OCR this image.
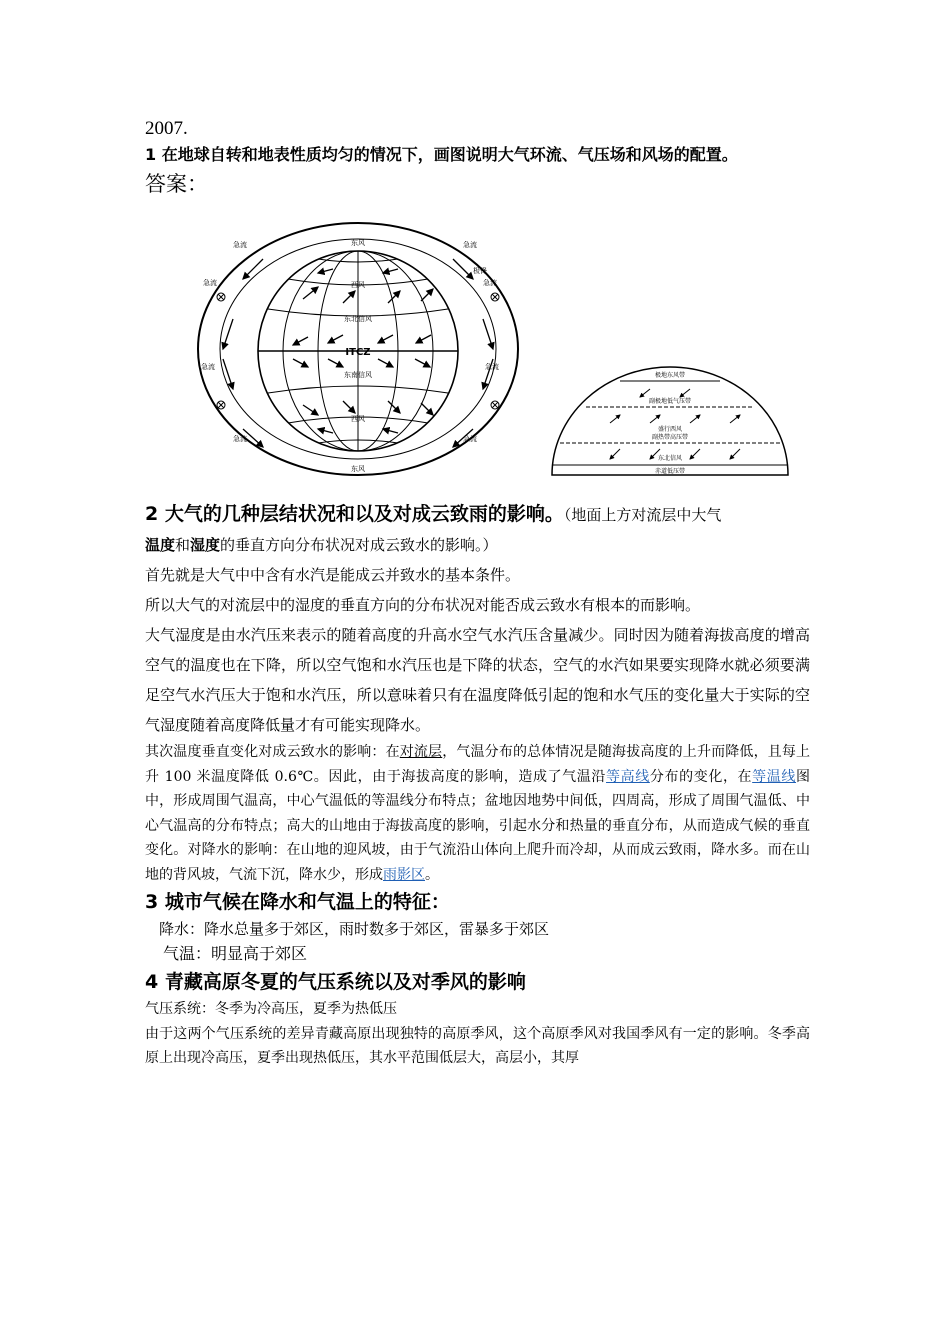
2007.

1 在地球自转和地表性质均匀的情况下，画图说明大气环流、气压场和风场的配置。

答案：

东风
东风
西风
西风
东北信风
东南信风
ITCZ
急流	急流
极锋
急流	急流
急流	急流
急流	急流
极地东风带
副极地低气压带
盛行西风
副热带高压带
东北信风
赤道低压带

2 大气的几种层结状况和以及对成云致雨的影响。（地面上方对流层中大气

温度和湿度的垂直方向分布状况对成云致水的影响。）

首先就是大气中中含有水汽是能成云并致水的基本条件。

所以大气的对流层中的湿度的垂直方向的分布状况对能否成云致水有根本的而影响。

大气湿度是由水汽压来表示的随着高度的升高水空气水汽压含量减少。同时因为随着海拔高度的增高空气的温度也在下降，所以空气饱和水汽压也是下降的状态，空气的水汽如果要实现降水就必须要满足空气水汽压大于饱和水汽压，所以意味着只有在温度降低引起的饱和水气压的变化量大于实际的空气湿度随着高度降低量才有可能实现降水。

其次温度垂直变化对成云致水的影响：在对流层，气温分布的总体情况是随海拔高度的上升而降低，且每上升 100 米温度降低 0.6℃。因此，由于海拔高度的影响，造成了气温沿等高线分布的变化，在等温线图中，形成周围气温高，中心气温低的等温线分布特点；盆地因地势中间低，四周高，形成了周围气温低、中心气温高的分布特点；高大的山地由于海拔高度的影响，引起水分和热量的垂直分布，从而造成气候的垂直变化。对降水的影响：在山地的迎风坡，由于气流沿山体向上爬升而冷却，从而成云致雨，降水多。而在山地的背风坡，气流下沉，降水少，形成雨影区。

3 城市气候在降水和气温上的特征：

降水：降水总量多于郊区，雨时数多于郊区，雷暴多于郊区

气温：明显高于郊区

4 青藏高原冬夏的气压系统以及对季风的影响

气压系统：冬季为冷高压，夏季为热低压

由于这两个气压系统的差异青藏高原出现独特的高原季风，这个高原季风对我国季风有一定的影响。冬季高原上出现冷高压，夏季出现热低压，其水平范围低层大，高层小，其厚
